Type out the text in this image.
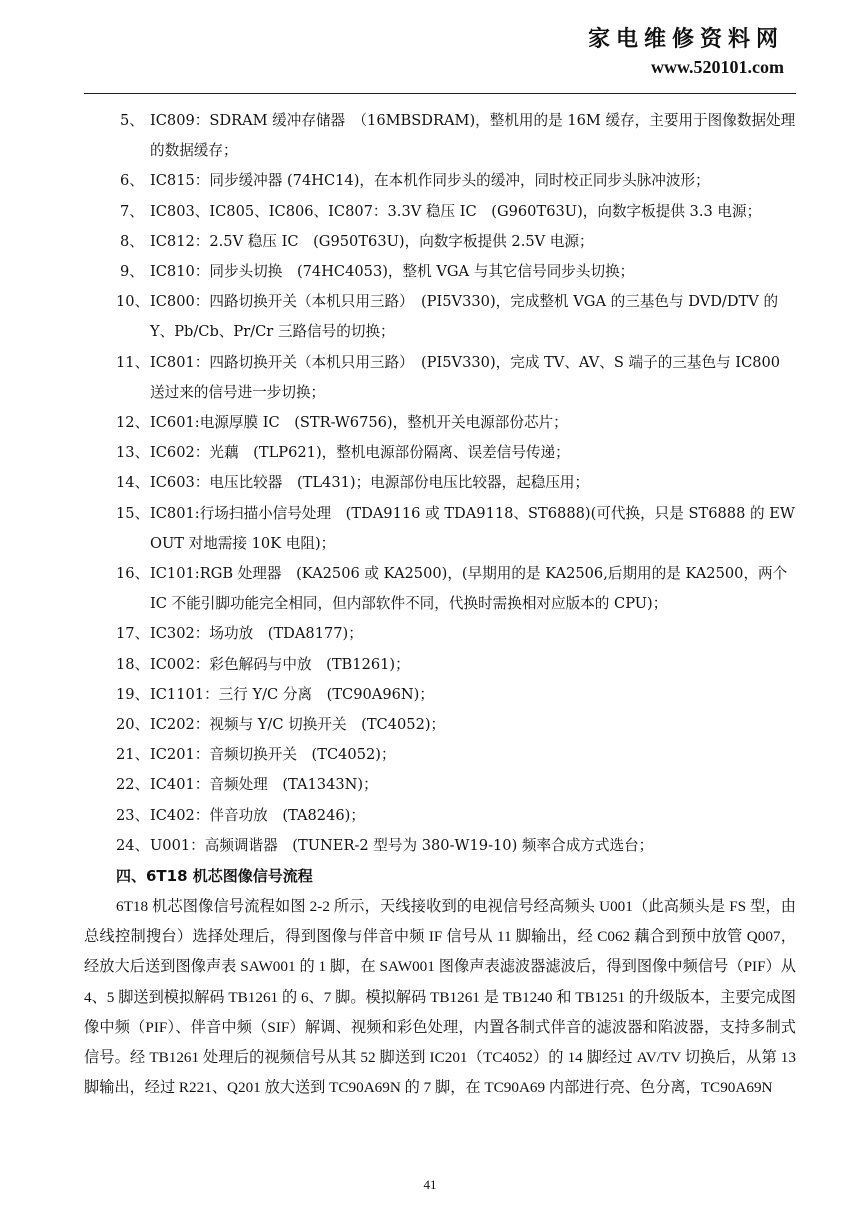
家电维修资料网
www.520101.com
5、 IC809：SDRAM 缓冲存储器　（16MBSDRAM)，整机用的是 16M 缓存，主要用于图像数据处理的数据缓存；
6、 IC815：同步缓冲器 (74HC14)，在本机作同步头的缓冲，同时校正同步头脉冲波形；
7、 IC803、IC805、IC806、IC807：3.3V 稳压 IC　(G960T63U)，向数字板提供 3.3 电源；
8、 IC812：2.5V 稳压 IC　(G950T63U)，向数字板提供 2.5V 电源；
9、 IC810：同步头切换　(74HC4053)，整机 VGA 与其它信号同步头切换；
10、 IC800：四路切换开关（本机只用三路）　(PI5V330)，完成整机 VGA 的三基色与 DVD/DTV 的 Y、Pb/Cb、Pr/Cr 三路信号的切换；
11、 IC801：四路切换开关（本机只用三路）　(PI5V330)，完成 TV、AV、S 端子的三基色与 IC800 送过来的信号进一步切换；
12、 IC601:电源厚膜 IC　(STR-W6756)，整机开关电源部份芯片；
13、 IC602：光藕　(TLP621)，整机电源部份隔离、误差信号传递；
14、 IC603：电压比较器　(TL431)；电源部份电压比较器，起稳压用；
15、 IC801:行场扫描小信号处理　(TDA9116 或 TDA9118、ST6888)(可代换，只是 ST6888 的 EW OUT 对地需接 10K 电阻)；
16、 IC101:RGB 处理器　(KA2506 或 KA2500)，(早期用的是 KA2506,后期用的是 KA2500，两个 IC 不能引脚功能完全相同，但内部软件不同，代换时需换相对应版本的 CPU)；
17、 IC302：场功放　(TDA8177)；
18、 IC002：彩色解码与中放　(TB1261)；
19、 IC1101：三行 Y/C 分离　(TC90A96N)；
20、 IC202：视频与 Y/C 切换开关　(TC4052)；
21、 IC201：音频切换开关　(TC4052)；
22、 IC401：音频处理　(TA1343N)；
23、 IC402：伴音功放　(TA8246)；
24、 U001：高频调谐器　(TUNER-2 型号为 380-W19-10) 频率合成方式选台；
四、6T18 机芯图像信号流程

6T18 机芯图像信号流程如图 2-2 所示，天线接收到的电视信号经高频头 U001（此高频头是 FS 型，由总线控制搜台）选择处理后，得到图像与伴音中频 IF 信号从 11 脚输出，经 C062 藕合到预中放管 Q007，经放大后送到图像声表 SAW001 的 1 脚，在 SAW001 图像声表滤波器滤波后，得到图像中频信号（PIF）从 4、5 脚送到模拟解码 TB1261 的 6、7 脚。模拟解码 TB1261 是 TB1240 和 TB1251 的升级版本，主要完成图像中频（PIF）、伴音中频（SIF）解调、视频和彩色处理，内置各制式伴音的滤波器和陷波器，支持多制式信号。经 TB1261 处理后的视频信号从其 52 脚送到 IC201（TC4052）的 14 脚经过 AV/TV 切换后，从第 13 脚输出，经过 R221、Q201 放大送到 TC90A69N 的 7 脚，在 TC90A69 内部进行亮、色分离，TC90A69N

41
